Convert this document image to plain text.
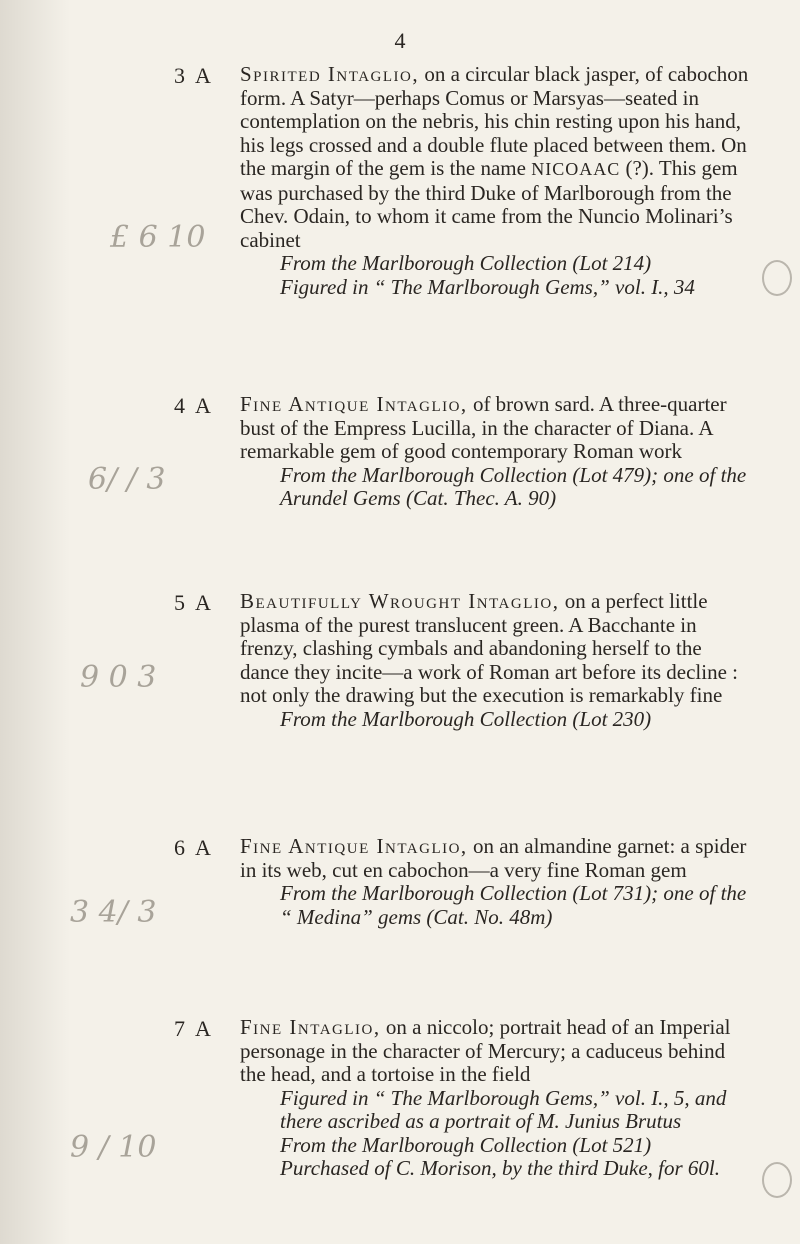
4
£ 6 10
6/ / 3
9 0 3
3 4/ 3
9 / 10
3 A Spirited Intaglio, on a circular black jasper, of cabochon form. A Satyr—perhaps Comus or Marsyas—seated in contemplation on the nebris, his chin resting upon his hand, his legs crossed and a double flute placed between them. On the margin of the gem is the name NICOAAC (?). This gem was purchased by the third Duke of Marlborough from the Chev. Odain, to whom it came from the Nuncio Molinari’s cabinet
From the Marlborough Collection (Lot 214)
Figured in “ The Marlborough Gems,” vol. I., 34
4 A Fine Antique Intaglio, of brown sard. A three-quarter bust of the Empress Lucilla, in the character of Diana. A remarkable gem of good contemporary Roman work
From the Marlborough Collection (Lot 479); one of the Arundel Gems (Cat. Thec. A. 90)
5 A Beautifully Wrought Intaglio, on a perfect little plasma of the purest translucent green. A Bacchante in frenzy, clashing cymbals and abandoning herself to the dance they incite—a work of Roman art before its decline : not only the drawing but the execution is remarkably fine
From the Marlborough Collection (Lot 230)
6 A Fine Antique Intaglio, on an almandine garnet: a spider in its web, cut en cabochon—a very fine Roman gem
From the Marlborough Collection (Lot 731); one of the “ Medina” gems (Cat. No. 48m)
7 A Fine Intaglio, on a niccolo; portrait head of an Imperial personage in the character of Mercury; a caduceus behind the head, and a tortoise in the field
Figured in “ The Marlborough Gems,” vol. I., 5, and there ascribed as a portrait of M. Junius Brutus
From the Marlborough Collection (Lot 521)
Purchased of C. Morison, by the third Duke, for 60l.
